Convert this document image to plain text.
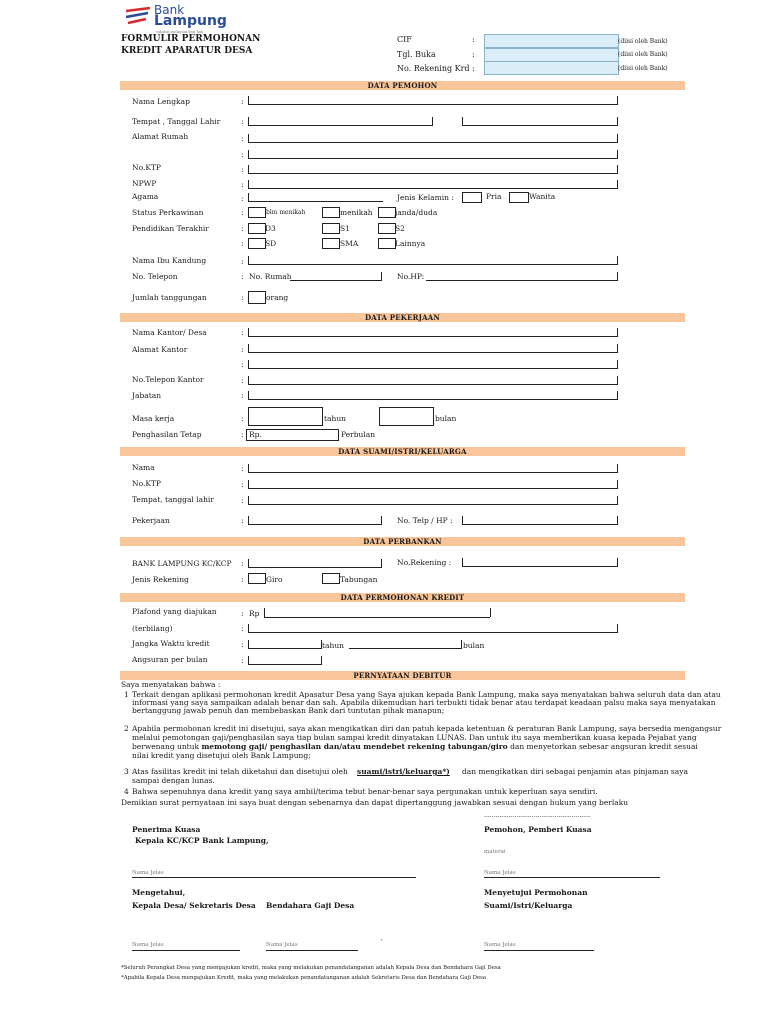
Bank
Lampung
sahabat melayani dari hati
FORMULIR PERMOHONAN
KREDIT APARATUR DESA
CIF	:	(diisi oleh Bank)
Tgl. Buka	:	(diisi oleh Bank)
No. Rekening Krd :	(diisi oleh Bank)
DATA PEMOHON
Nama Lengkap	:
Tempat , Tanggal Lahir	:
Alamat Rumah	:
:
No.KTP	:
NPWP	:
Agama	:	Jenis Kelamin :	Pria	Wanita
Status Perkawinan	:	blm menikah	menikah	janda/duda
Pendidikan Terakhir	:	D3	S1	S2
:	SD	SMA	Lainnya
Nama Ibu Kandung	:
No. Telepon	: No. Rumah	No.HP:
Jumlah tanggungan	:	orang
DATA PEKERJAAN
Nama Kantor/ Desa	:
Alamat Kantor	:
:
No.Telepon Kantor	:
Jabatan	:
Masa kerja	:	tahun	bulan
Penghasilan Tetap	: Rp.	Perbulan
DATA SUAMI/ISTRI/KELUARGA
Nama	:
No.KTP	:
Tempat, tanggal lahir	:
Pekerjaan	:	No. Telp / HP :
DATA PERBANKAN
BANK LAMPUNG KC/KCP :	No.Rekening :
Jenis Rekening	:	Giro	Tabungan
DATA PERMOHONAN KREDIT
Plafond yang diajukan	: Rp
(terbilang)	:
Jangka Waktu kredit	:	tahun	bulan
Angsuran per bulan	:
PERNYATAAN DEBITUR
Saya menyatakan bahwa :
1 Terkait dengan aplikasi permohonan kredit Apasatur Desa yang Saya ajukan kepada Bank Lampung, maka saya menyatakan bahwa seluruh data dan atau
informasi yang saya sampaikan adalah benar dan sah. Apabila dikemudian hari terbukti tidak benar atau terdapat keadaan palsu maka saya menyatakan
bertanggung jawab penuh dan membebaskan Bank dari tuntutan pihak manapun;
2 Apabila permohonan kredit ini disetujui, saya akan mengikatkan diri dan patuh kepada ketentuan & peraturan Bank Lampung, saya bersedia mengangsur
melalui pemotongan gaji/penghasilan saya tiap bulan sampai kredit dinyatakan LUNAS. Dan untuk itu saya memberikan kuasa kepada Pejabat yang
berwenang untuk memotong gaji/ penghasilan dan/atau mendebet rekening tabungan/giro dan menyetorkan sebesar angsuran kredit sesuai
nilai kredit yang disetujui oleh Bank Lampung;
3 Atas fasilitas kredit ini telah diketahui dan disetujui oleh suami/istri/keluarga*) dan mengikatkan diri sebagai penjamin atas pinjaman saya
sampai dengan lunas.
4 Bahwa sepenuhnya dana kredit yang saya ambil/terima tebut benar-benar saya pergunakan untuk keperluan saya sendiri.
Demikian surat pernyataan ini saya buat dengan sebenarnya dan dapat dipertanggung jawabkan sesuai dengan hukum yang berlaku
........................................................
Penerima Kuasa
Kepala KC/KCP Bank Lampung,
Pemohon, Pemberi Kuasa
materai
Nama Jelas	Nama Jelas
Mengetahui,
Kepala Desa/ Sekretaris Desa Bendahara Gaji Desa
Menyetujui Permohonan
Suami/Istri/Keluarga
Nama Jelas	Nama Jelas	`	Nama Jelas
*Seluruh Perangkat Desa yang mengajukan kredit, maka yang melakukan penandatanganan adalah Kepala Desa dan Bendahara Gaji Desa
*Apabila Kepala Desa mengajukan Kredit, maka yang melakukan penandatanganan adalah Sekretaris Desa dan Bendahara Gaji Desa
